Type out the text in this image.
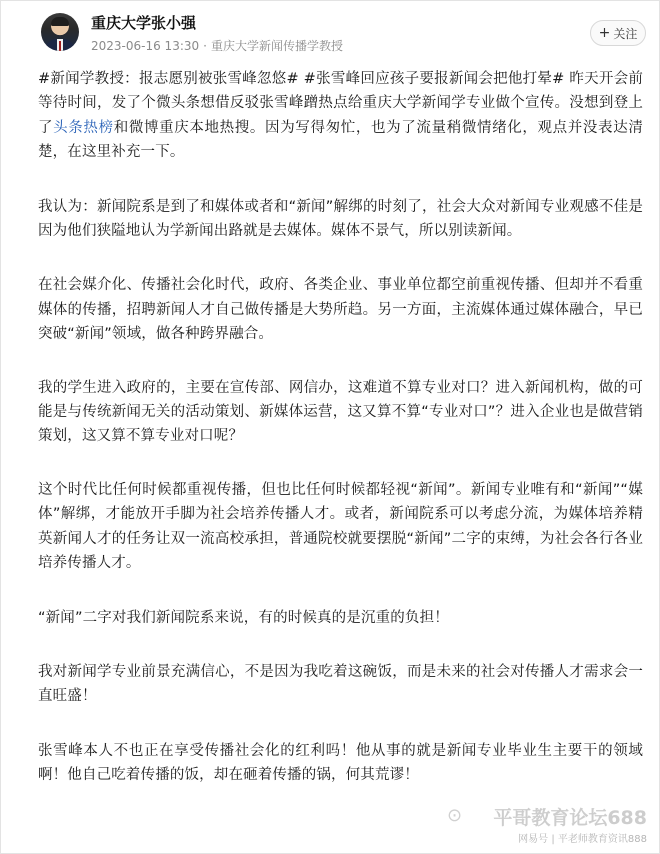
重庆大学张小强
2023-06-16 13:30 · 重庆大学新闻传播学教授
+ 关注

#新闻学教授：报志愿别被张雪峰忽悠# #张雪峰回应孩子要报新闻会把他打晕# 昨天开会前等待时间，发了个微头条想借反驳张雪峰蹭热点给重庆大学新闻学专业做个宣传。没想到登上了头条热榜和微博重庆本地热搜。因为写得匆忙，也为了流量稍微情绪化，观点并没表达清楚，在这里补充一下。

我认为：新闻院系是到了和媒体或者和“新闻”解绑的时刻了，社会大众对新闻专业观感不佳是因为他们狭隘地认为学新闻出路就是去媒体。媒体不景气，所以别读新闻。

在社会媒介化、传播社会化时代，政府、各类企业、事业单位都空前重视传播、但却并不看重媒体的传播，招聘新闻人才自己做传播是大势所趋。另一方面，主流媒体通过媒体融合，早已突破“新闻”领域，做各种跨界融合。

我的学生进入政府的，主要在宣传部、网信办，这难道不算专业对口？进入新闻机构，做的可能是与传统新闻无关的活动策划、新媒体运营，这又算不算“专业对口”？进入企业也是做营销策划，这又算不算专业对口呢？

这个时代比任何时候都重视传播，但也比任何时候都轻视“新闻”。新闻专业唯有和“新闻”“媒体”解绑，才能放开手脚为社会培养传播人才。或者，新闻院系可以考虑分流，为媒体培养精英新闻人才的任务让双一流高校承担，普通院校就要摆脱“新闻”二字的束缚，为社会各行各业培养传播人才。

“新闻”二字对我们新闻院系来说，有的时候真的是沉重的负担！

我对新闻学专业前景充满信心，不是因为我吃着这碗饭，而是未来的社会对传播人才需求会一直旺盛！

张雪峰本人不也正在享受传播社会化的红利吗！他从事的就是新闻专业毕业生主要干的领域啊！他自己吃着传播的饭，却在砸着传播的锅，何其荒谬！

⊙ 平哥教育论坛688
网易号 | 平老师教育资讯888
